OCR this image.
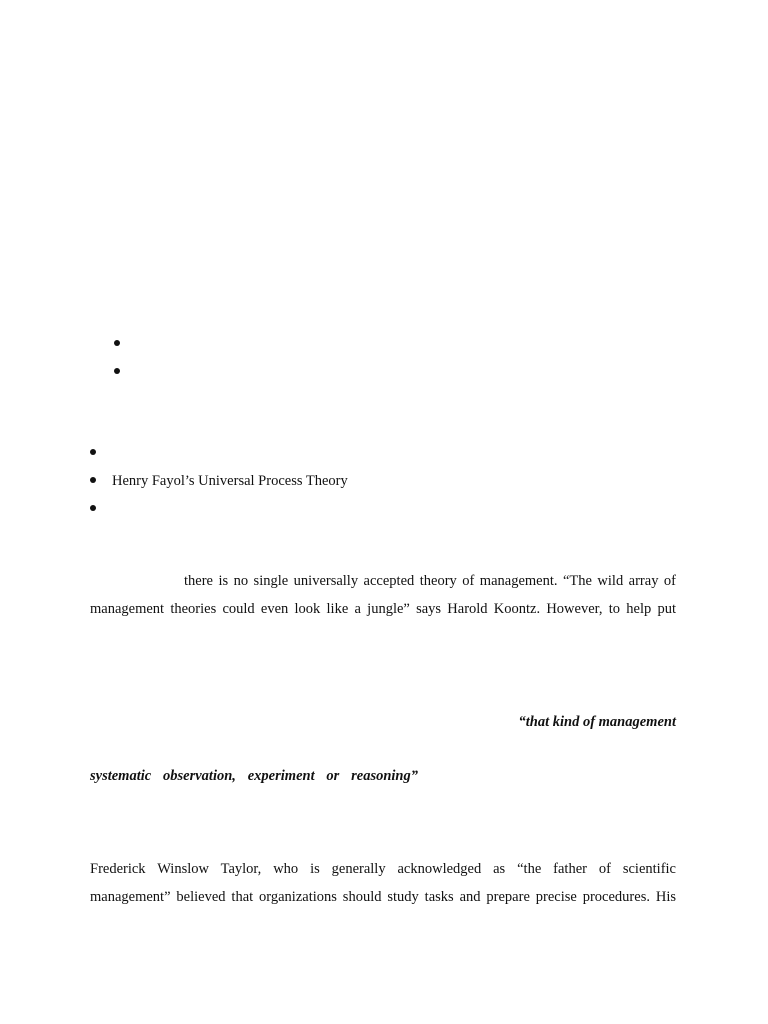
Henry Fayol’s Universal Process Theory
there is no single universally accepted theory of management. “The wild array of
management theories could even look like a jungle” says Harold Koontz. However, to help put
“that kind of management
systematic observation, experiment or reasoning”
Frederick Winslow Taylor, who is generally acknowledged as “the father of scientific
management” believed that organizations should study tasks and prepare precise procedures. His
